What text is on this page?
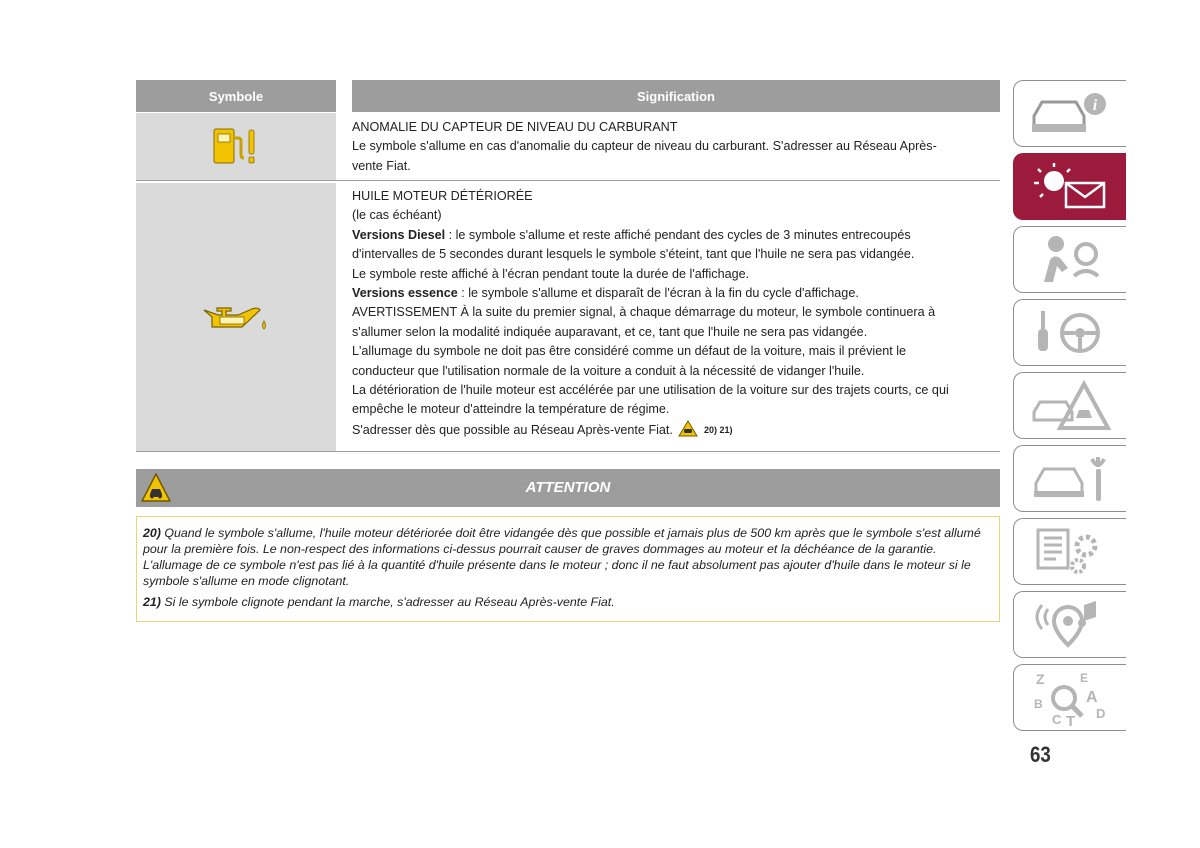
Symbole	Signification
ANOMALIE DU CAPTEUR DE NIVEAU DU CARBURANT
Le symbole s'allume en cas d'anomalie du capteur de niveau du carburant. S'adresser au Réseau Après-
vente Fiat.
HUILE MOTEUR DÉTÉRIORÉE
(le cas échéant)
Versions Diesel : le symbole s'allume et reste affiché pendant des cycles de 3 minutes entrecoupés
d'intervalles de 5 secondes durant lesquels le symbole s'éteint, tant que l'huile ne sera pas vidangée.
Le symbole reste affiché à l'écran pendant toute la durée de l'affichage.
Versions essence : le symbole s'allume et disparaît de l'écran à la fin du cycle d'affichage.
AVERTISSEMENT À la suite du premier signal, à chaque démarrage du moteur, le symbole continuera à
s'allumer selon la modalité indiquée auparavant, et ce, tant que l'huile ne sera pas vidangée.
L'allumage du symbole ne doit pas être considéré comme un défaut de la voiture, mais il prévient le
conducteur que l'utilisation normale de la voiture a conduit à la nécessité de vidanger l'huile.
La détérioration de l'huile moteur est accélérée par une utilisation de la voiture sur des trajets courts, ce qui
empêche le moteur d'atteindre la température de régime.
S'adresser dès que possible au Réseau Après-vente Fiat.	20) 21)
ATTENTION

20) Quand le symbole s'allume, l'huile moteur détériorée doit être vidangée dès que possible et jamais plus de 500 km après que le symbole s'est allumé pour la première fois. Le non-respect des informations ci-dessus pourrait causer de graves dommages au moteur et la déchéance de la garantie. L'allumage de ce symbole n'est pas lié à la quantité d'huile présente dans le moteur ; donc il ne faut absolument pas ajouter d'huile dans le moteur si le symbole s'allume en mode clignotant.

21) Si le symbole clignote pendant la marche, s'adresser au Réseau Après-vente Fiat.

i
Z	E
A
B
C T D
63
